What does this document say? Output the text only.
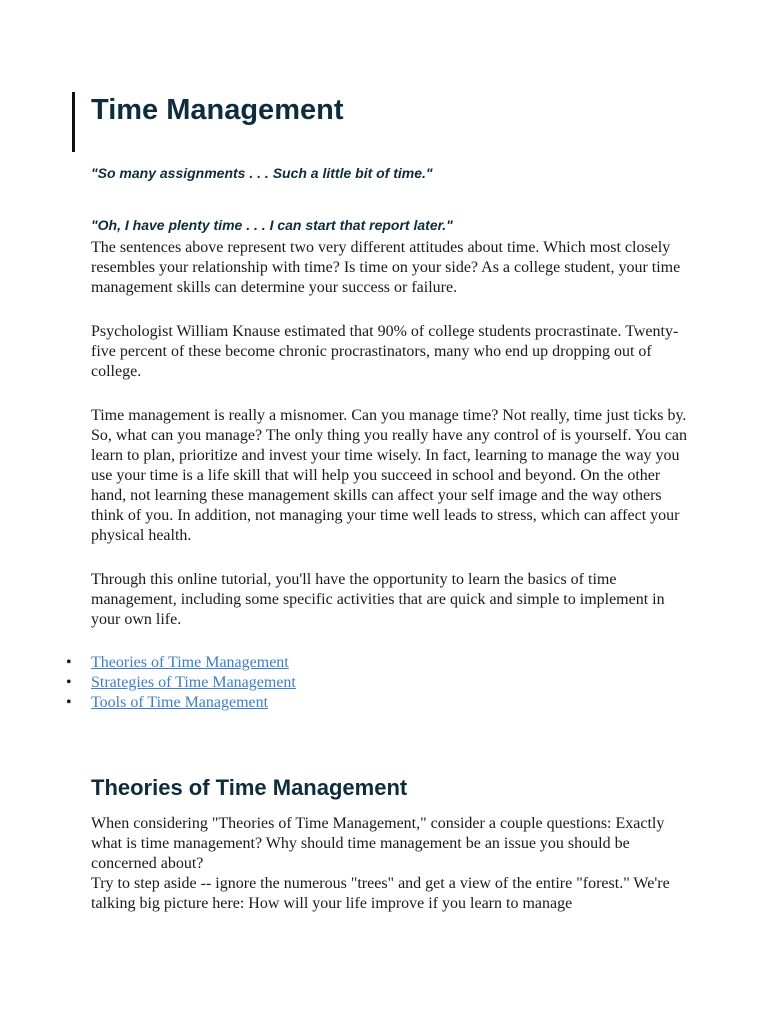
Time Management

"So many assignments . . . Such a little bit of time."

"Oh, I have plenty time . . . I can start that report later."

The sentences above represent two very different attitudes about time. Which most closely resembles your relationship with time? Is time on your side? As a college student, your time management skills can determine your success or failure.

Psychologist William Knause estimated that 90% of college students procrastinate. Twenty-five percent of these become chronic procrastinators, many who end up dropping out of college.

Time management is really a misnomer. Can you manage time? Not really, time just ticks by. So, what can you manage? The only thing you really have any control of is yourself. You can learn to plan, prioritize and invest your time wisely. In fact, learning to manage the way you use your time is a life skill that will help you succeed in school and beyond. On the other hand, not learning these management skills can affect your self image and the way others think of you. In addition, not managing your time well leads to stress, which can affect your physical health.

Through this online tutorial, you'll have the opportunity to learn the basics of time management, including some specific activities that are quick and simple to implement in your own life.

• Theories of Time Management
• Strategies of Time Management
• Tools of Time Management
Theories of Time Management

When considering "Theories of Time Management," consider a couple questions: Exactly what is time management? Why should time management be an issue you should be concerned about?

Try to step aside -- ignore the numerous "trees" and get a view of the entire "forest." We're talking big picture here: How will your life improve if you learn to manage
